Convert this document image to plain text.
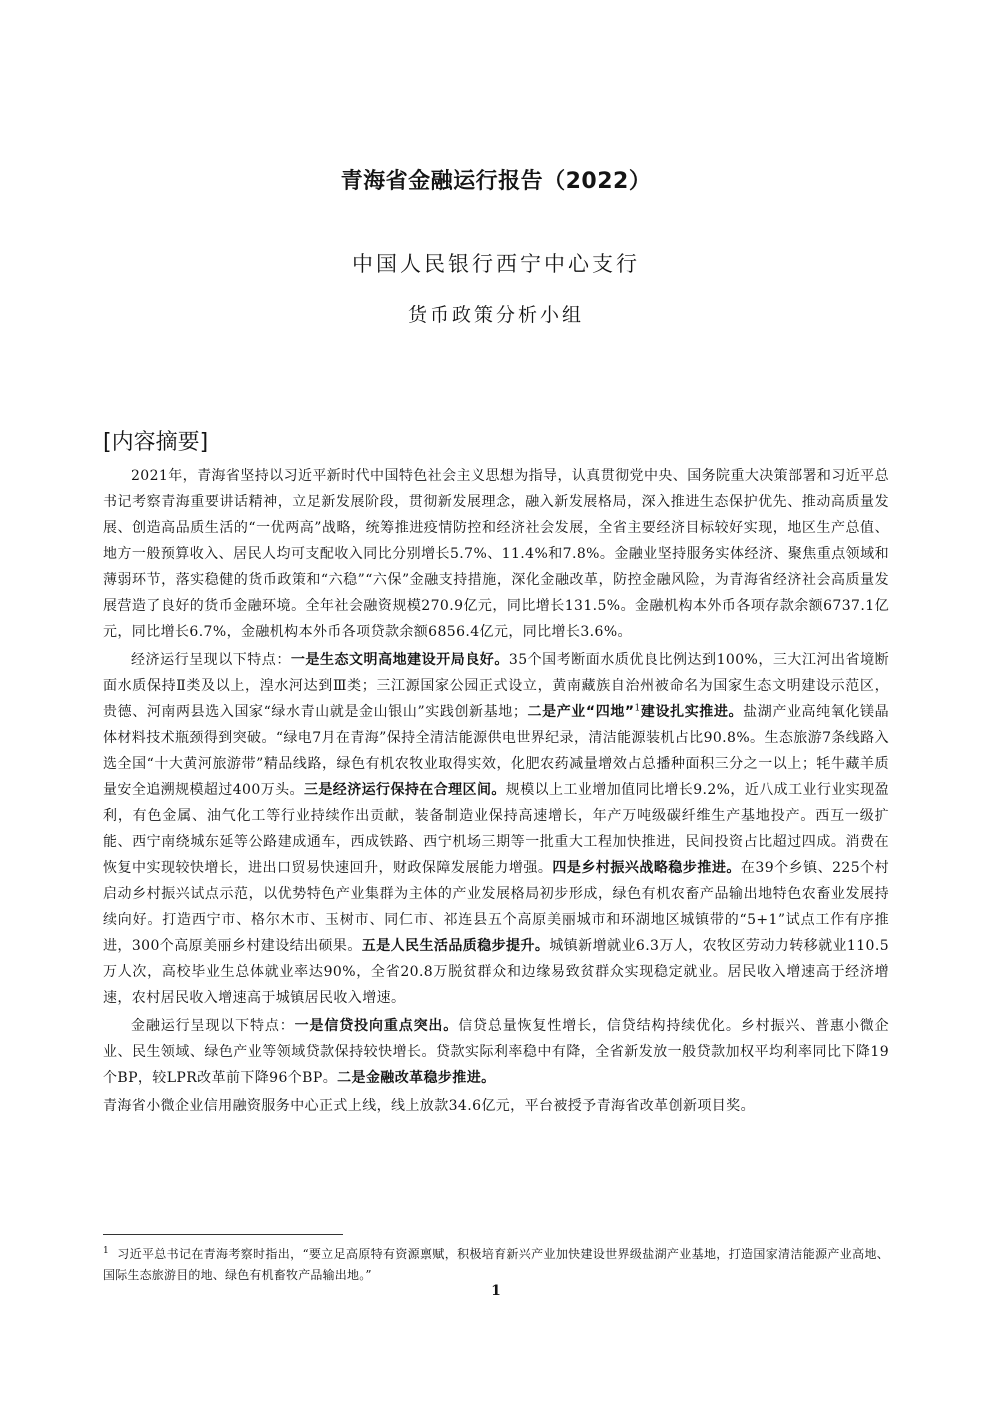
青海省金融运行报告（2022）
中国人民银行西宁中心支行
货币政策分析小组
[内容摘要]

2021年，青海省坚持以习近平新时代中国特色社会主义思想为指导，认真贯彻党中央、国务院重大决策部署和习近平总书记考察青海重要讲话精神，立足新发展阶段，贯彻新发展理念，融入新发展格局，深入推进生态保护优先、推动高质量发展、创造高品质生活的“一优两高”战略，统筹推进疫情防控和经济社会发展，全省主要经济目标较好实现，地区生产总值、地方一般预算收入、居民人均可支配收入同比分别增长5.7%、11.4%和7.8%。金融业坚持服务实体经济、聚焦重点领域和薄弱环节，落实稳健的货币政策和“六稳”“六保”金融支持措施，深化金融改革，防控金融风险，为青海省经济社会高质量发展营造了良好的货币金融环境。全年社会融资规模270.9亿元，同比增长131.5%。金融机构本外币各项存款余额6737.1亿元，同比增长6.7%，金融机构本外币各项贷款余额6856.4亿元，同比增长3.6%。

经济运行呈现以下特点：一是生态文明高地建设开局良好。35个国考断面水质优良比例达到100%，三大江河出省境断面水质保持Ⅱ类及以上，湟水河达到Ⅲ类；三江源国家公园正式设立，黄南藏族自治州被命名为国家生态文明建设示范区，贵德、河南两县选入国家“绿水青山就是金山银山”实践创新基地；二是产业“四地”$^1$建设扎实推进。盐湖产业高纯氧化镁晶体材料技术瓶颈得到突破。“绿电7月在青海”保持全清洁能源供电世界纪录，清洁能源装机占比90.8%。生态旅游7条线路入选全国“十大黄河旅游带”精品线路，绿色有机农牧业取得实效，化肥农药减量增效占总播种面积三分之一以上；牦牛藏羊质量安全追溯规模超过400万头。三是经济运行保持在合理区间。规模以上工业增加值同比增长9.2%，近八成工业行业实现盈利，有色金属、油气化工等行业持续作出贡献，装备制造业保持高速增长，年产万吨级碳纤维生产基地投产。西互一级扩能、西宁南绕城东延等公路建成通车，西成铁路、西宁机场三期等一批重大工程加快推进，民间投资占比超过四成。消费在恢复中实现较快增长，进出口贸易快速回升，财政保障发展能力增强。四是乡村振兴战略稳步推进。在39个乡镇、225个村启动乡村振兴试点示范，以优势特色产业集群为主体的产业发展格局初步形成，绿色有机农畜产品输出地特色农畜业发展持续向好。打造西宁市、格尔木市、玉树市、同仁市、祁连县五个高原美丽城市和环湖地区城镇带的“5+1”试点工作有序推进，300个高原美丽乡村建设结出硕果。五是人民生活品质稳步提升。城镇新增就业6.3万人，农牧区劳动力转移就业110.5万人次，高校毕业生总体就业率达90%，全省20.8万脱贫群众和边缘易致贫群众实现稳定就业。居民收入增速高于经济增速，农村居民收入增速高于城镇居民收入增速。

金融运行呈现以下特点：一是信贷投向重点突出。信贷总量恢复性增长，信贷结构持续优化。乡村振兴、普惠小微企业、民生领域、绿色产业等领域贷款保持较快增长。贷款实际利率稳中有降，全省新发放一般贷款加权平均利率同比下降19个BP，较LPR改革前下降96个BP。二是金融改革稳步推进。

青海省小微企业信用融资服务中心正式上线，线上放款34.6亿元，平台被授予青海省改革创新项目奖。

$^1$ 习近平总书记在青海考察时指出，“要立足高原特有资源禀赋，积极培育新兴产业加快建设世界级盐湖产业基地，打造国家清洁能源产业高地、国际生态旅游目的地、绿色有机畜牧产品输出地。”
1
